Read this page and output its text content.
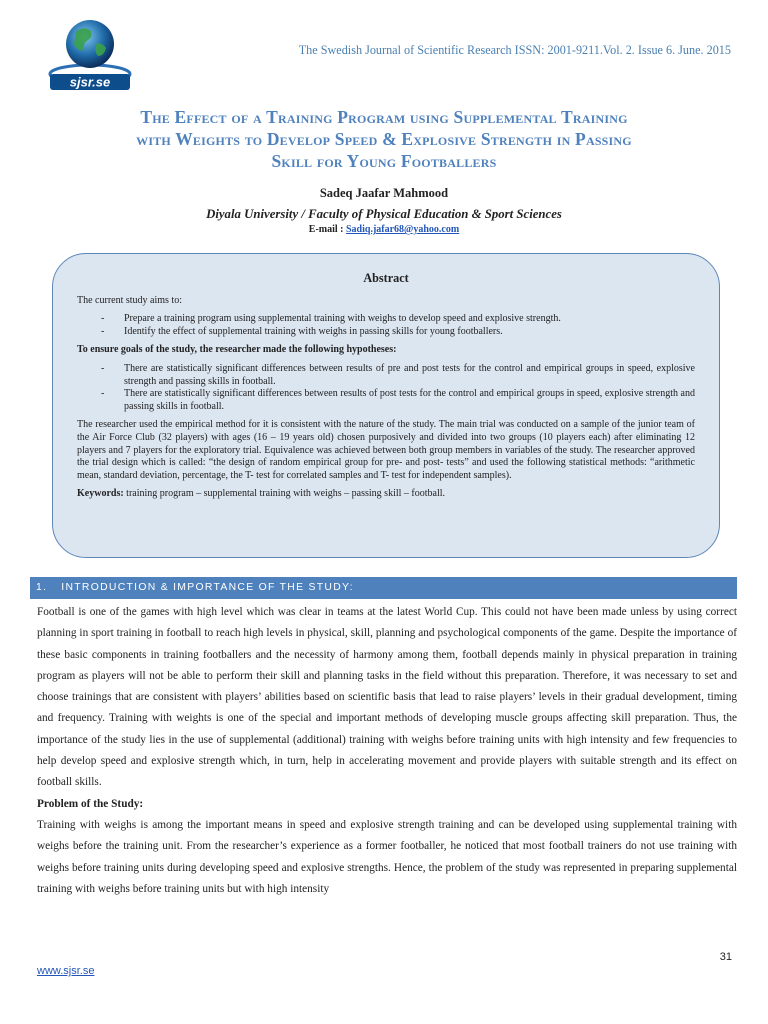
sjsr.se
The Swedish Journal of Scientific Research ISSN: 2001-9211.Vol. 2. Issue 6. June. 2015
The Effect of a Training Program using Supplemental Training
with Weights to Develop Speed & Explosive Strength in Passing
Skill for Young Footballers
Sadeq Jaafar Mahmood
Diyala University / Faculty of Physical Education & Sport Sciences
E-mail : Sadiq.jafar68@yahoo.com
Abstract

The current study aims to:

- Prepare a training program using supplemental training with weighs to develop speed and explosive strength.
- Identify the effect of supplemental training with weighs in passing skills for young footballers.

To ensure goals of the study, the researcher made the following hypotheses:

- There are statistically significant differences between results of pre and post tests for the control and empirical groups in speed, explosive strength and passing skills in football.
- There are statistically significant differences between results of post tests for the control and empirical groups in speed, explosive strength and passing skills in football.

The researcher used the empirical method for it is consistent with the nature of the study. The main trial was conducted on a sample of the junior team of the Air Force Club (32 players) with ages (16 – 19 years old) chosen purposively and divided into two groups (10 players each) after eliminating 12 players and 7 players for the exploratory trial. Equivalence was achieved between both group members in variables of the study. The researcher approved the trial design which is called: “the design of random empirical group for pre- and post- tests” and used the following statistical methods: “arithmetic mean, standard deviation, percentage, the T- test for correlated samples and T- test for independent samples).

Keywords: training program – supplemental training with weighs – passing skill – football.

1. INTRODUCTION & IMPORTANCE OF THE STUDY:

Football is one of the games with high level which was clear in teams at the latest World Cup. This could not have been made unless by using correct planning in sport training in football to reach high levels in physical, skill, planning and psychological components of the game. Despite the importance of these basic components in training footballers and the necessity of harmony among them, football depends mainly in physical preparation in training program as players will not be able to perform their skill and planning tasks in the field without this preparation. Therefore, it was necessary to set and choose trainings that are consistent with players’ abilities based on scientific basis that lead to raise players’ levels in their gradual development, timing and frequency. Training with weights is one of the special and important methods of developing muscle groups affecting skill preparation. Thus, the importance of the study lies in the use of supplemental (additional) training with weighs before training units with high intensity and few frequencies to help develop speed and explosive strength which, in turn, help in accelerating movement and provide players with suitable strength and its effect on football skills.

Problem of the Study:

Training with weighs is among the important means in speed and explosive strength training and can be developed using supplemental training with weighs before the training unit. From the researcher’s experience as a former footballer, he noticed that most football trainers do not use training with weighs before training units during developing speed and explosive strengths. Hence, the problem of the study was represented in preparing supplemental training with weighs before training units but with high intensity

31
www.sjsr.se
